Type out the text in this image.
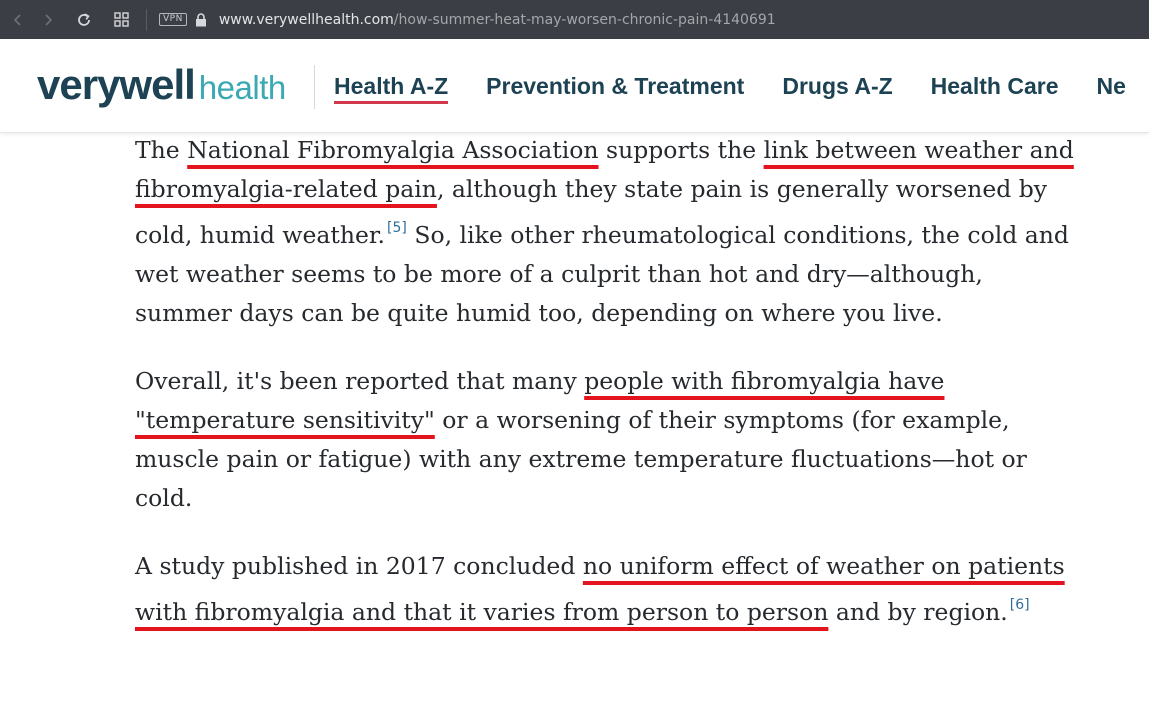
VPN	www.verywellhealth.com/how-summer-heat-may-worsen-chronic-pain-4140691
verywell health Health A-Z Prevention & Treatment Drugs A-Z Health Care Ne

The National Fibromyalgia Association supports the link between weather and fibromyalgia-related pain, although they state pain is generally worsened by cold, humid weather. [5] So, like other rheumatological conditions, the cold and wet weather seems to be more of a culprit than hot and dry—although, summer days can be quite humid too, depending on where you live.

Overall, it's been reported that many people with fibromyalgia have "temperature sensitivity" or a worsening of their symptoms (for example, muscle pain or fatigue) with any extreme temperature fluctuations—hot or cold.

A study published in 2017 concluded no uniform effect of weather on patients with fibromyalgia and that it varies from person to person and by region. [6]
